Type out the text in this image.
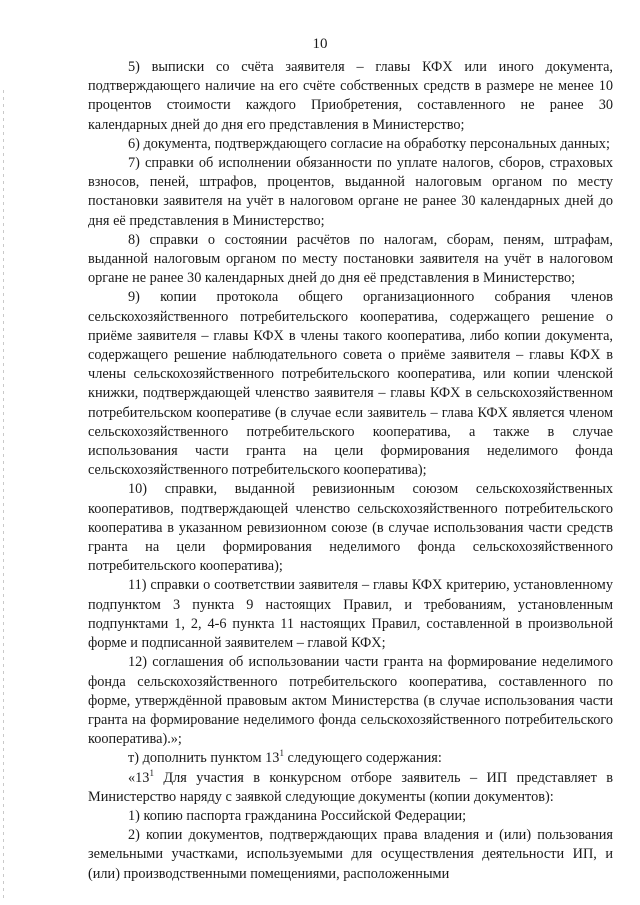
10

5) выписки со счёта заявителя – главы КФХ или иного документа, подтверждающего наличие на его счёте собственных средств в размере не менее 10 процентов стоимости каждого Приобретения, составленного не ранее 30 календарных дней до дня его представления в Министерство;

6) документа, подтверждающего согласие на обработку персональных данных;

7) справки об исполнении обязанности по уплате налогов, сборов, страховых взносов, пеней, штрафов, процентов, выданной налоговым органом по месту постановки заявителя на учёт в налоговом органе не ранее 30 календарных дней до дня её представления в Министерство;

8) справки о состоянии расчётов по налогам, сборам, пеням, штрафам, выданной налоговым органом по месту постановки заявителя на учёт в налоговом органе не ранее 30 календарных дней до дня её представления в Министерство;

9) копии протокола общего организационного собрания членов сельскохозяйственного потребительского кооператива, содержащего решение о приёме заявителя – главы КФХ в члены такого кооператива, либо копии документа, содержащего решение наблюдательного совета о приёме заявителя – главы КФХ в члены сельскохозяйственного потребительского кооператива, или копии членской книжки, подтверждающей членство заявителя – главы КФХ в сельскохозяйственном потребительском кооперативе (в случае если заявитель – глава КФХ является членом сельскохозяйственного потребительского кооператива, а также в случае использования части гранта на цели формирования неделимого фонда сельскохозяйственного потребительского кооператива);

10) справки, выданной ревизионным союзом сельскохозяйственных кооперативов, подтверждающей членство сельскохозяйственного потребительского кооператива в указанном ревизионном союзе (в случае использования части средств гранта на цели формирования неделимого фонда сельскохозяйственного потребительского кооператива);

11) справки о соответствии заявителя – главы КФХ критерию, установленному подпунктом 3 пункта 9 настоящих Правил, и требованиям, установленным подпунктами 1, 2, 4-6 пункта 11 настоящих Правил, составленной в произвольной форме и подписанной заявителем – главой КФХ;

12) соглашения об использовании части гранта на формирование неделимого фонда сельскохозяйственного потребительского кооператива, составленного по форме, утверждённой правовым актом Министерства (в случае использования части гранта на формирование неделимого фонда сельскохозяйственного потребительского кооператива).»;

т) дополнить пунктом $13^1$ следующего содержания:

«$13^1$ Для участия в конкурсном отборе заявитель – ИП представляет в Министерство наряду с заявкой следующие документы (копии документов):

1) копию паспорта гражданина Российской Федерации;

2) копии документов, подтверждающих права владения и (или) пользования земельными участками, используемыми для осуществления деятельности ИП, и (или) производственными помещениями, расположенными
